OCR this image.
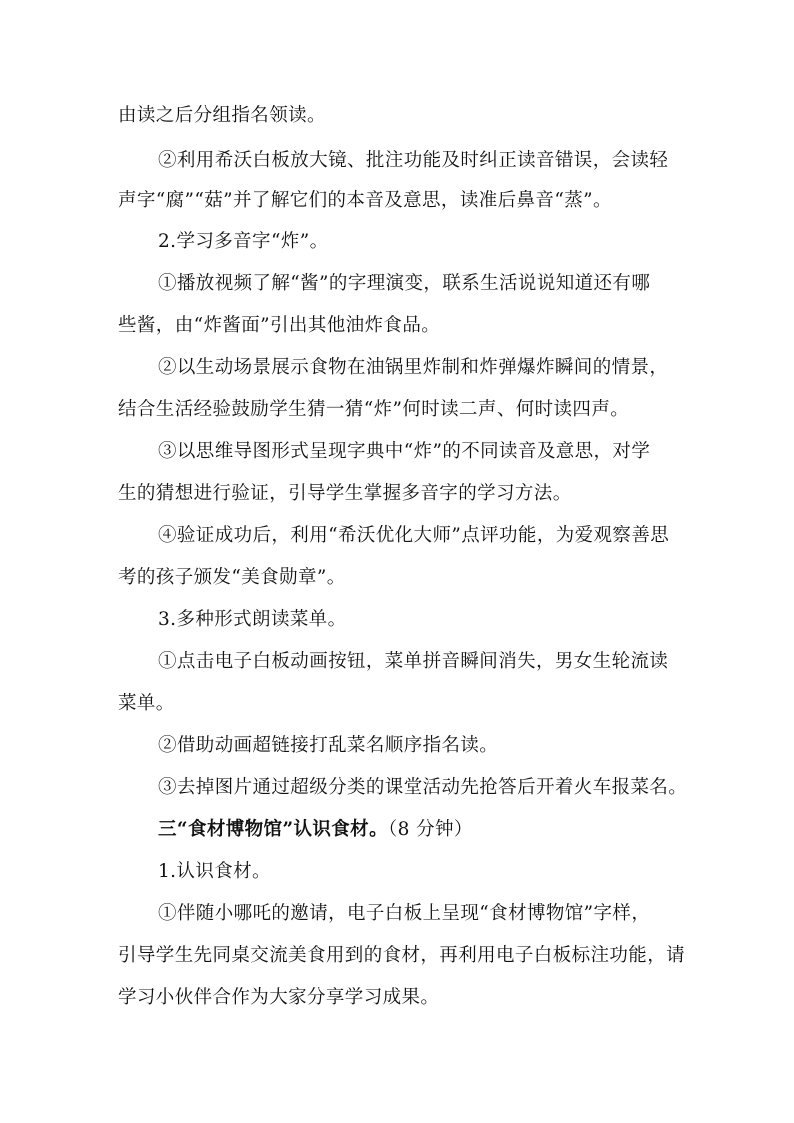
由读之后分组指名领读。
②利用希沃白板放大镜、批注功能及时纠正读音错误，会读轻
声字“腐”“菇”并了解它们的本音及意思，读准后鼻音“蒸”。
2.学习多音字“炸”。
①播放视频了解“酱”的字理演变，联系生活说说知道还有哪
些酱，由“炸酱面”引出其他油炸食品。
②以生动场景展示食物在油锅里炸制和炸弹爆炸瞬间的情景，
结合生活经验鼓励学生猜一猜“炸”何时读二声、何时读四声。
③以思维导图形式呈现字典中“炸”的不同读音及意思，对学
生的猜想进行验证，引导学生掌握多音字的学习方法。
④验证成功后，利用“希沃优化大师”点评功能，为爱观察善思
考的孩子颁发“美食勋章”。
3.多种形式朗读菜单。
①点击电子白板动画按钮，菜单拼音瞬间消失，男女生轮流读
菜单。
②借助动画超链接打乱菜名顺序指名读。
③去掉图片通过超级分类的课堂活动先抢答后开着火车报菜名。
三“食材博物馆”认识食材。（8 分钟）
1.认识食材。
①伴随小哪吒的邀请，电子白板上呈现“食材博物馆”字样，
引导学生先同桌交流美食用到的食材，再利用电子白板标注功能，请
学习小伙伴合作为大家分享学习成果。
